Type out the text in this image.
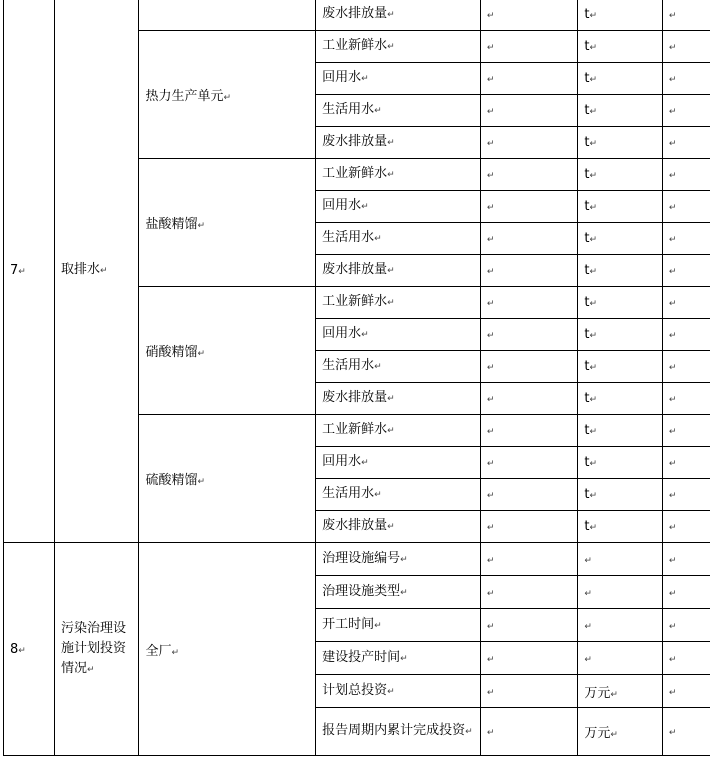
7↵	取排水↵		废水排放量↵	↵	t↵	↵
		热力生产单元↵	工业新鲜水↵	↵	t↵	↵
			回用水↵	↵	t↵	↵
			生活用水↵	↵	t↵	↵
			废水排放量↵	↵	t↵	↵
		盐酸精馏↵	工业新鲜水↵	↵	t↵	↵
			回用水↵	↵	t↵	↵
			生活用水↵	↵	t↵	↵
			废水排放量↵	↵	t↵	↵
		硝酸精馏↵	工业新鲜水↵	↵	t↵	↵
			回用水↵	↵	t↵	↵
			生活用水↵	↵	t↵	↵
			废水排放量↵	↵	t↵	↵
		硫酸精馏↵	工业新鲜水↵	↵	t↵	↵
			回用水↵	↵	t↵	↵
			生活用水↵	↵	t↵	↵
			废水排放量↵	↵	t↵	↵
8↵	污染治理设施计划投资情况↵	全厂↵	治理设施编号↵	↵	↵	↵
			治理设施类型↵	↵	↵	↵
			开工时间↵	↵	↵	↵
			建设投产时间↵	↵	↵	↵
			计划总投资↵	↵	万元↵	↵
			报告周期内累计完成投资↵	↵	万元↵	↵
